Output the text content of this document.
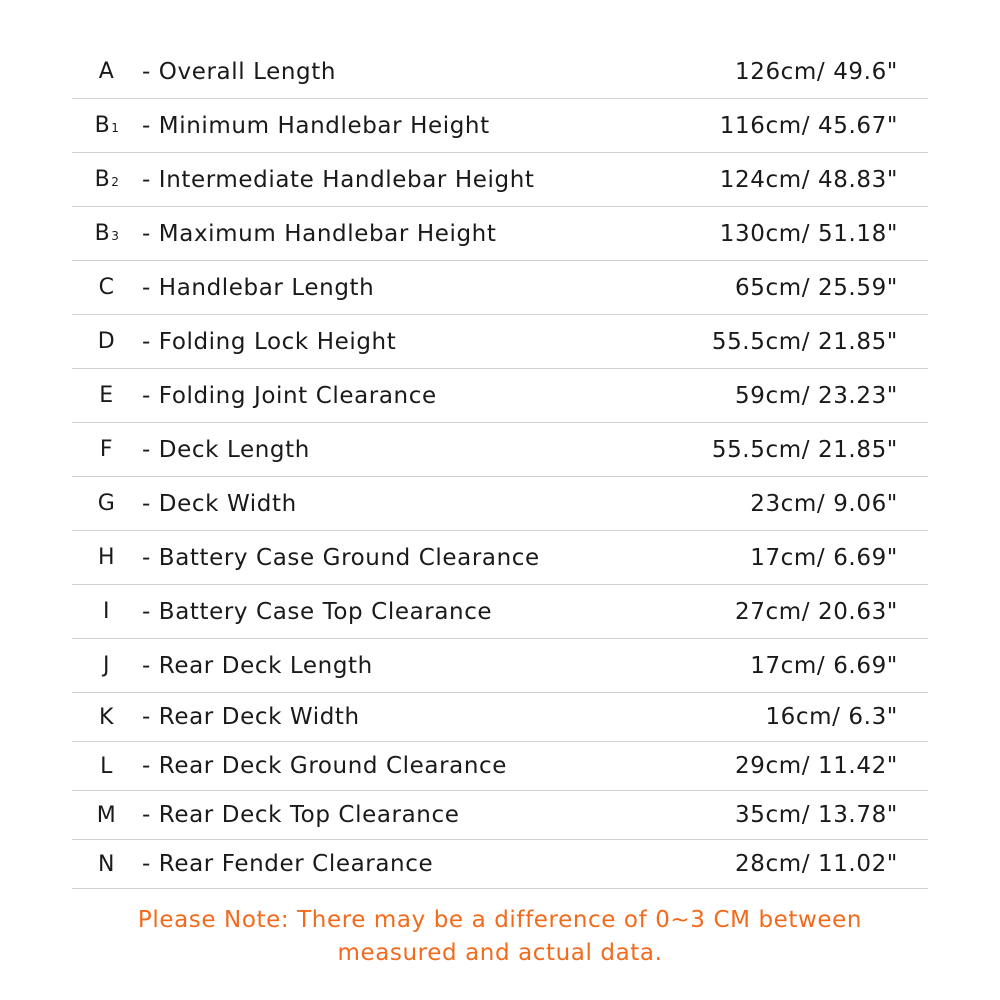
A - Overall Length	126cm/ 49.6"
B 1 - Minimum Handlebar Height	116cm/ 45.67"
B 2 - Intermediate Handlebar Height	124cm/ 48.83"
B 3 - Maximum Handlebar Height	130cm/ 51.18"
C - Handlebar Length	65cm/ 25.59"
D - Folding Lock Height	55.5cm/ 21.85"
E - Folding Joint Clearance	59cm/ 23.23"
F - Deck Length	55.5cm/ 21.85"
G - Deck Width	23cm/ 9.06"
H - Battery Case Ground Clearance	17cm/ 6.69"
I - Battery Case Top Clearance	27cm/ 20.63"
J - Rear Deck Length	17cm/ 6.69"
K - Rear Deck Width	16cm/ 6.3"
L - Rear Deck Ground Clearance	29cm/ 11.42"
M - Rear Deck Top Clearance	35cm/ 13.78"
N - Rear Fender Clearance	28cm/ 11.02"
Please Note: There may be a difference of 0~3 CM between
measured and actual data.
